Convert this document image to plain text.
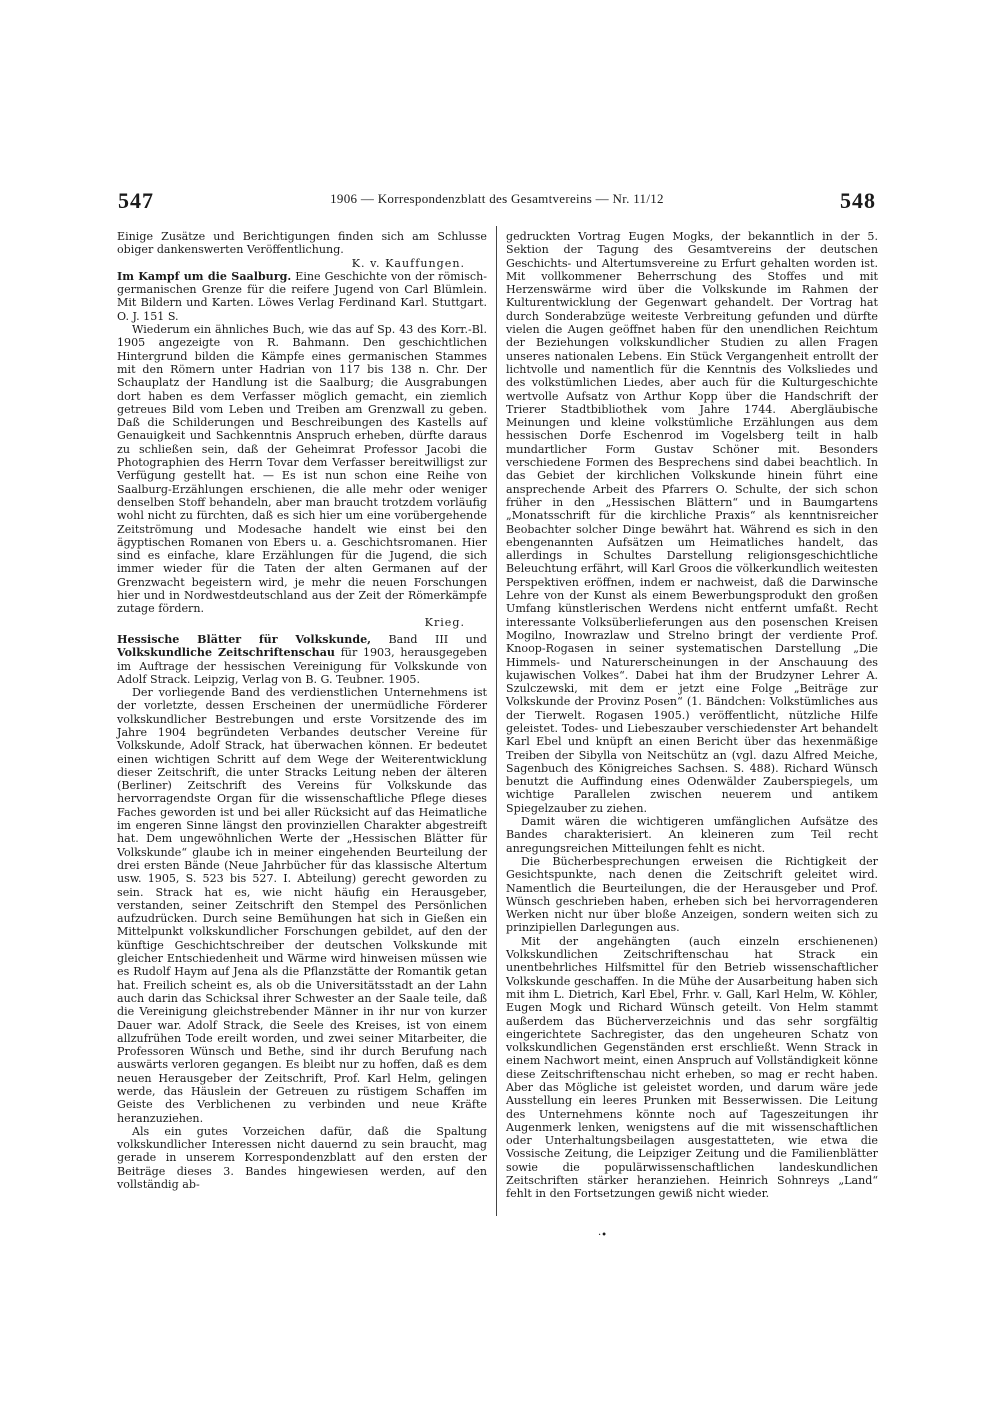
547	1906 — Korrespondenzblatt des Gesamtvereins — Nr. 11/12	548

Einige Zusätze und Berichtigungen finden sich am Schlusse obiger dankenswerten Veröffentlichung.

K. v. Kauffungen.

Im Kampf um die Saalburg. Eine Geschichte von der römisch-germanischen Grenze für die reifere Jugend von Carl Blümlein. Mit Bildern und Karten. Löwes Verlag Ferdinand Karl. Stuttgart. O. J. 151 S.

Wiederum ein ähnliches Buch, wie das auf Sp. 43 des Korr.-Bl. 1905 angezeigte von R. Bahmann. Den geschichtlichen Hintergrund bilden die Kämpfe eines germanischen Stammes mit den Römern unter Hadrian von 117 bis 138 n. Chr. Der Schauplatz der Handlung ist die Saalburg; die Ausgrabungen dort haben es dem Verfasser möglich gemacht, ein ziemlich getreues Bild vom Leben und Treiben am Grenzwall zu geben. Daß die Schilderungen und Beschreibungen des Kastells auf Genauigkeit und Sachkenntnis Anspruch erheben, dürfte daraus zu schließen sein, daß der Geheimrat Professor Jacobi die Photographien des Herrn Tovar dem Verfasser bereitwilligst zur Verfügung gestellt hat. — Es ist nun schon eine Reihe von Saalburg-Erzählungen erschienen, die alle mehr oder weniger denselben Stoff behandeln, aber man braucht trotzdem vorläufig wohl nicht zu fürchten, daß es sich hier um eine vorübergehende Zeitströmung und Modesache handelt wie einst bei den ägyptischen Romanen von Ebers u. a. Geschichtsromanen. Hier sind es einfache, klare Erzählungen für die Jugend, die sich immer wieder für die Taten der alten Germanen auf der Grenzwacht begeistern wird, je mehr die neuen Forschungen hier und in Nordwestdeutschland aus der Zeit der Römerkämpfe zutage fördern.

Krieg.

Hessische Blätter für Volkskunde, Band III und Volkskundliche Zeitschriftenschau für 1903, herausgegeben im Auftrage der hessischen Vereinigung für Volkskunde von Adolf Strack. Leipzig, Verlag von B. G. Teubner. 1905.

Der vorliegende Band des verdienstlichen Unternehmens ist der vorletzte, dessen Erscheinen der unermüdliche Förderer volkskundlicher Bestrebungen und erste Vorsitzende des im Jahre 1904 begründeten Verbandes deutscher Vereine für Volkskunde, Adolf Strack, hat überwachen können. Er bedeutet einen wichtigen Schritt auf dem Wege der Weiterentwicklung dieser Zeitschrift, die unter Stracks Leitung neben der älteren (Berliner) Zeitschrift des Vereins für Volkskunde das hervorragendste Organ für die wissenschaftliche Pflege dieses Faches geworden ist und bei aller Rücksicht auf das Heimatliche im engeren Sinne längst den provinziellen Charakter abgestreift hat. Dem ungewöhnlichen Werte der „Hessischen Blätter für Volkskunde“ glaube ich in meiner eingehenden Beurteilung der drei ersten Bände (Neue Jahrbücher für das klassische Altertum usw. 1905, S. 523 bis 527. I. Abteilung) gerecht geworden zu sein. Strack hat es, wie nicht häufig ein Herausgeber, verstanden, seiner Zeitschrift den Stempel des Persönlichen aufzudrücken. Durch seine Bemühungen hat sich in Gießen ein Mittelpunkt volkskundlicher Forschungen gebildet, auf den der künftige Geschichtschreiber der deutschen Volkskunde mit gleicher Entschiedenheit und Wärme wird hinweisen müssen wie es Rudolf Haym auf Jena als die Pflanzstätte der Romantik getan hat. Freilich scheint es, als ob die Universitätsstadt an der Lahn auch darin das Schicksal ihrer Schwester an der Saale teile, daß die Vereinigung gleichstrebender Männer in ihr nur von kurzer Dauer war. Adolf Strack, die Seele des Kreises, ist von einem allzufrühen Tode ereilt worden, und zwei seiner Mitarbeiter, die Professoren Wünsch und Bethe, sind ihr durch Berufung nach auswärts verloren gegangen. Es bleibt nur zu hoffen, daß es dem neuen Herausgeber der Zeitschrift, Prof. Karl Helm, gelingen werde, das Häuslein der Getreuen zu rüstigem Schaffen im Geiste des Verblichenen zu verbinden und neue Kräfte heranzuziehen.

Als ein gutes Vorzeichen dafür, daß die Spaltung volkskundlicher Interessen nicht dauernd zu sein braucht, mag gerade in unserem Korrespondenzblatt auf den ersten der Beiträge dieses 3. Bandes hingewiesen werden, auf den vollständig ab-

gedruckten Vortrag Eugen Mogks, der bekanntlich in der 5. Sektion der Tagung des Gesamtvereins der deutschen Geschichts- und Altertumsvereine zu Erfurt gehalten worden ist. Mit vollkommener Beherrschung des Stoffes und mit Herzenswärme wird über die Volkskunde im Rahmen der Kulturentwicklung der Gegenwart gehandelt. Der Vortrag hat durch Sonderabzüge weiteste Verbreitung gefunden und dürfte vielen die Augen geöffnet haben für den unendlichen Reichtum der Beziehungen volkskundlicher Studien zu allen Fragen unseres nationalen Lebens. Ein Stück Vergangenheit entrollt der lichtvolle und namentlich für die Kenntnis des Volksliedes und des volkstümlichen Liedes, aber auch für die Kulturgeschichte wertvolle Aufsatz von Arthur Kopp über die Handschrift der Trierer Stadtbibliothek vom Jahre 1744. Abergläubische Meinungen und kleine volkstümliche Erzählungen aus dem hessischen Dorfe Eschenrod im Vogelsberg teilt in halb mundartlicher Form Gustav Schöner mit. Besonders verschiedene Formen des Besprechens sind dabei beachtlich. In das Gebiet der kirchlichen Volkskunde hinein führt eine ansprechende Arbeit des Pfarrers O. Schulte, der sich schon früher in den „Hessischen Blättern“ und in Baumgartens „Monatsschrift für die kirchliche Praxis“ als kenntnisreicher Beobachter solcher Dinge bewährt hat. Während es sich in den ebengenannten Aufsätzen um Heimatliches handelt, das allerdings in Schultes Darstellung religionsgeschichtliche Beleuchtung erfährt, will Karl Groos die völkerkundlich weitesten Perspektiven eröffnen, indem er nachweist, daß die Darwinsche Lehre von der Kunst als einem Bewerbungsprodukt den großen Umfang künstlerischen Werdens nicht entfernt umfaßt. Recht interessante Volksüberlieferungen aus den posenschen Kreisen Mogilno, Inowrazlaw und Strelno bringt der verdiente Prof. Knoop-Rogasen in seiner systematischen Darstellung „Die Himmels- und Naturerscheinungen in der Anschauung des kujawischen Volkes“. Dabei hat ihm der Brudzyner Lehrer A. Szulczewski, mit dem er jetzt eine Folge „Beiträge zur Volkskunde der Provinz Posen“ (1. Bändchen: Volkstümliches aus der Tierwelt. Rogasen 1905.) veröffentlicht, nützliche Hilfe geleistet. Todes- und Liebeszauber verschiedenster Art behandelt Karl Ebel und knüpft an einen Bericht über das hexenmäßige Treiben der Sibylla von Neitschütz an (vgl. dazu Alfred Meiche, Sagenbuch des Königreiches Sachsen. S. 488). Richard Wünsch benutzt die Auffindung eines Odenwälder Zauberspiegels, um wichtige Parallelen zwischen neuerem und antikem Spiegelzauber zu ziehen.

Damit wären die wichtigeren umfänglichen Aufsätze des Bandes charakterisiert. An kleineren zum Teil recht anregungsreichen Mitteilungen fehlt es nicht.

Die Bücherbesprechungen erweisen die Richtigkeit der Gesichtspunkte, nach denen die Zeitschrift geleitet wird. Namentlich die Beurteilungen, die der Herausgeber und Prof. Wünsch geschrieben haben, erheben sich bei hervorragenderen Werken nicht nur über bloße Anzeigen, sondern weiten sich zu prinzipiellen Darlegungen aus.

Mit der angehängten (auch einzeln erschienenen) Volkskundlichen Zeitschriftenschau hat Strack ein unentbehrliches Hilfsmittel für den Betrieb wissenschaftlicher Volkskunde geschaffen. In die Mühe der Ausarbeitung haben sich mit ihm L. Dietrich, Karl Ebel, Frhr. v. Gall, Karl Helm, W. Köhler, Eugen Mogk und Richard Wünsch geteilt. Von Helm stammt außerdem das Bücherverzeichnis und das sehr sorgfältig eingerichtete Sachregister, das den ungeheuren Schatz von volkskundlichen Gegenständen erst erschließt. Wenn Strack in einem Nachwort meint, einen Anspruch auf Vollständigkeit könne diese Zeitschriftenschau nicht erheben, so mag er recht haben. Aber das Mögliche ist geleistet worden, und darum wäre jede Ausstellung ein leeres Prunken mit Besserwissen. Die Leitung des Unternehmens könnte noch auf Tageszeitungen ihr Augenmerk lenken, wenigstens auf die mit wissenschaftlichen oder Unterhaltungsbeilagen ausgestatteten, wie etwa die Vossische Zeitung, die Leipziger Zeitung und die Familienblätter sowie die populärwissenschaftlichen landeskundlichen Zeitschriften stärker heranziehen. Heinrich Sohnreys „Land“ fehlt in den Fortsetzungen gewiß nicht wieder.

·•
